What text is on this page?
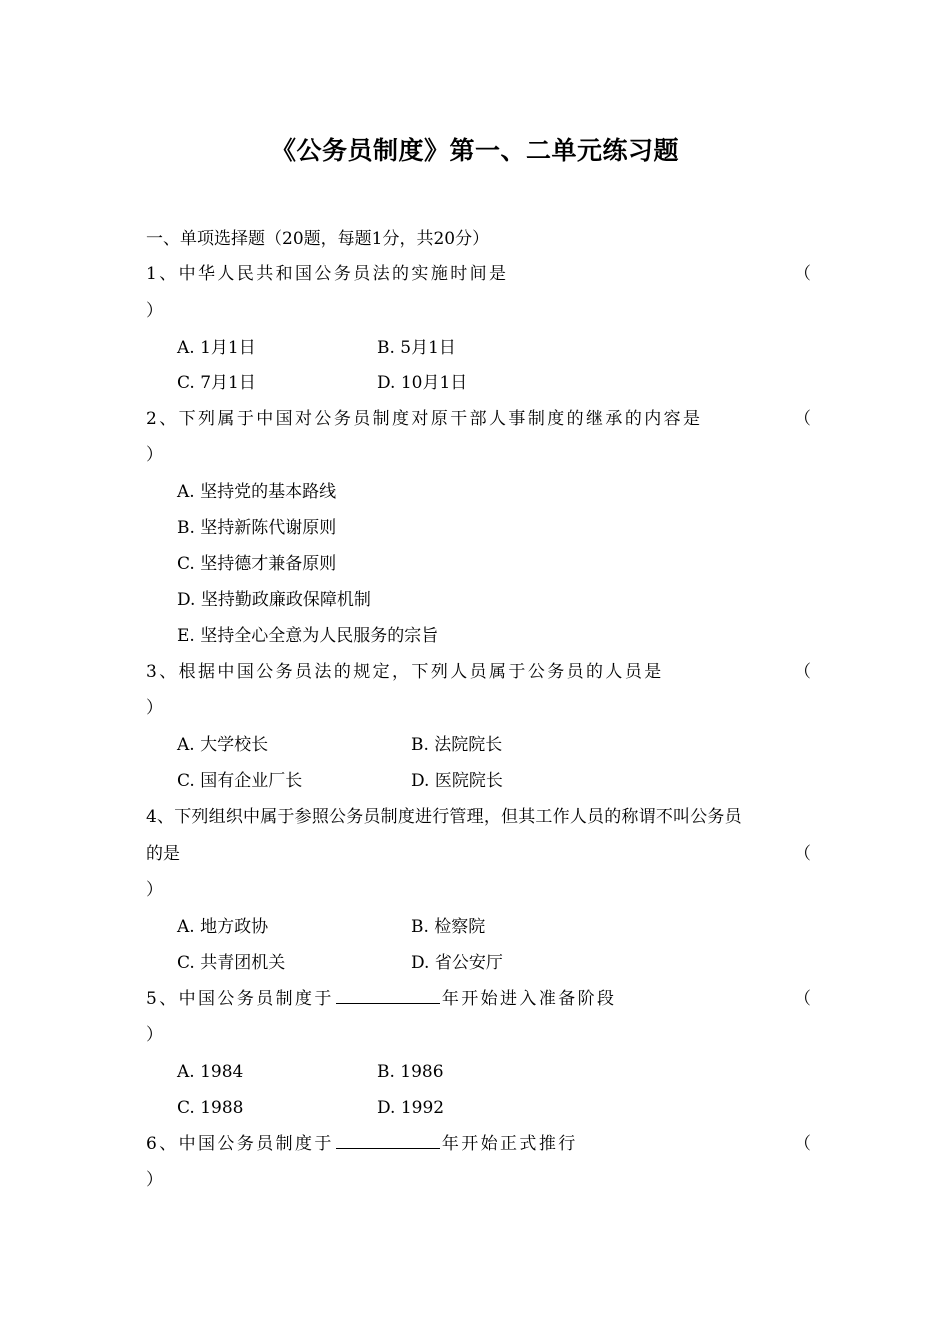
《公务员制度》第一、二单元练习题
一、单项选择题（20题，每题1分，共20分）
1、中华人民共和国公务员法的实施时间是	（
）
A. 1月1日	B. 5月1日
C. 7月1日	D. 10月1日
2、下列属于中国对公务员制度对原干部人事制度的继承的内容是	（
）
A. 坚持党的基本路线
B. 坚持新陈代谢原则
C. 坚持德才兼备原则
D. 坚持勤政廉政保障机制
E. 坚持全心全意为人民服务的宗旨
3、根据中国公务员法的规定，下列人员属于公务员的人员是	（
）
A. 大学校长	B. 法院院长
C. 国有企业厂长	D. 医院院长
4、下列组织中属于参照公务员制度进行管理，但其工作人员的称谓不叫公务员
的是	（
）
A. 地方政协	B. 检察院
C. 共青团机关	D. 省公安厅
5、中国公务员制度于	年开始进入准备阶段	（
）
A. 1984	B. 1986
C. 1988	D. 1992
6、中国公务员制度于	年开始正式推行	（
）
